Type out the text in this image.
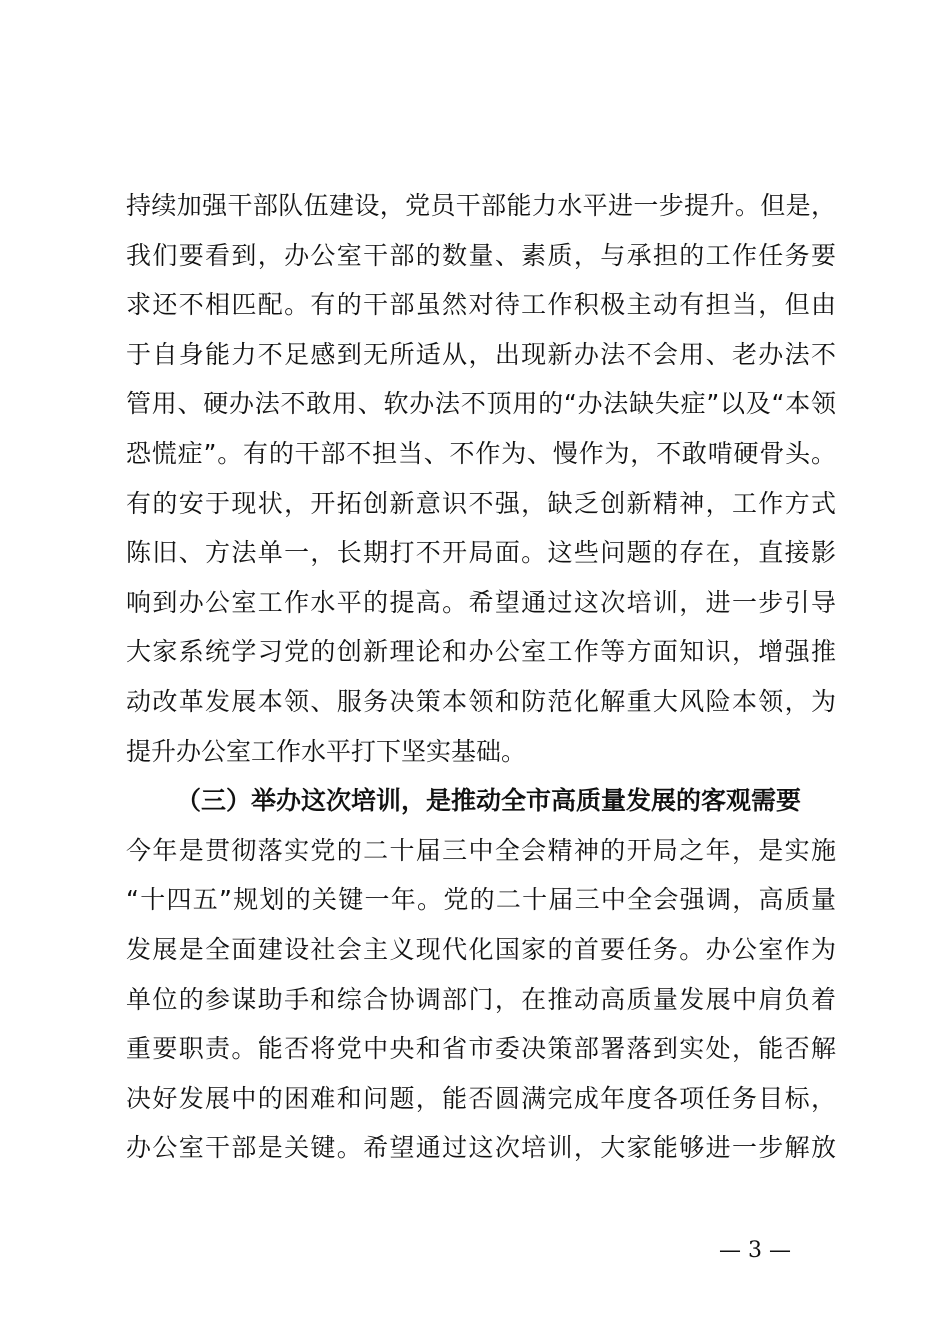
持续加强干部队伍建设，党员干部能力水平进一步提升。但是，
我们要看到，办公室干部的数量、素质，与承担的工作任务要
求还不相匹配。有的干部虽然对待工作积极主动有担当，但由
于自身能力不足感到无所适从，出现新办法不会用、老办法不
管用、硬办法不敢用、软办法不顶用的“办法缺失症”以及“本领
恐慌症”。有的干部不担当、不作为、慢作为，不敢啃硬骨头。
有的安于现状，开拓创新意识不强，缺乏创新精神，工作方式
陈旧、方法单一，长期打不开局面。这些问题的存在，直接影
响到办公室工作水平的提高。希望通过这次培训，进一步引导
大家系统学习党的创新理论和办公室工作等方面知识，增强推
动改革发展本领、服务决策本领和防范化解重大风险本领，为
提升办公室工作水平打下坚实基础。
（三）举办这次培训，是推动全市高质量发展的客观需要
今年是贯彻落实党的二十届三中全会精神的开局之年，是实施
“十四五”规划的关键一年。党的二十届三中全会强调，高质量
发展是全面建设社会主义现代化国家的首要任务。办公室作为
单位的参谋助手和综合协调部门，在推动高质量发展中肩负着
重要职责。能否将党中央和省市委决策部署落到实处，能否解
决好发展中的困难和问题，能否圆满完成年度各项任务目标，
办公室干部是关键。希望通过这次培训，大家能够进一步解放
— 3 —
